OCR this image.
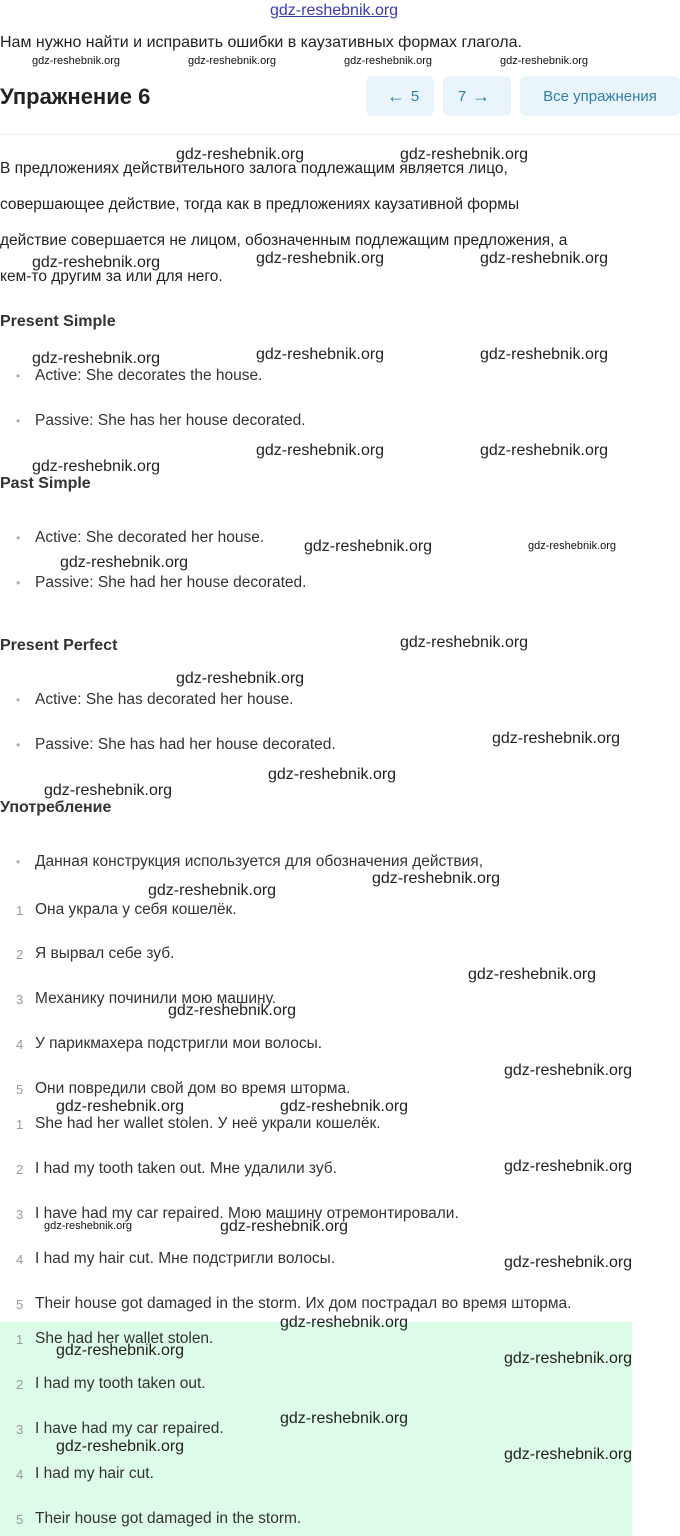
gdz-reshebnik.org
Нам нужно найти и исправить ошибки в каузативных формах глагола.
gdz-reshebnik.org	gdz-reshebnik.org	gdz-reshebnik.org	gdz-reshebnik.org
Упражнение 6	← 5	7 →	Все упражнения
В предложениях действительного залога подлежащим является лицо,
совершающее действие, тогда как в предложениях каузативной формы
действие совершается не лицом, обозначенным подлежащим предложения, а
кем-то другим за или для него.
Present Simple
• Active: She decorates the house.
• Passive: She has her house decorated.
Past Simple
• Active: She decorated her house.
• Passive: She had her house decorated.
Present Perfect
• Active: She has decorated her house.
• Passive: She has had her house decorated.
Употребление
• Данная конструкция используется для обозначения действия,
1 Она украла у себя кошелёк.
2 Я вырвал себе зуб.
3 Механику починили мою машину.
4 У парикмахера подстригли мои волосы.
5 Они повредили свой дом во время шторма.
1 She had her wallet stolen. У неё украли кошелёк.
2 I had my tooth taken out. Мне удалили зуб.
3 I have had my car repaired. Мою машину отремонтировали.
4 I had my hair cut. Мне подстригли волосы.
5 Their house got damaged in the storm. Их дом пострадал во время шторма.
1 She had her wallet stolen.
2 I had my tooth taken out.
3 I have had my car repaired.
4 I had my hair cut.
5 Their house got damaged in the storm.
gdz-reshebnik.org	gdz-reshebnik.org
gdz-reshebnik.org	gdz-reshebnik.org	gdz-reshebnik.org
gdz-reshebnik.org	gdz-reshebnik.org	gdz-reshebnik.org
gdz-reshebnik.org
gdz-reshebnik.org	gdz-reshebnik.org
gdz-reshebnik.org	gdz-reshebnik.org
gdz-reshebnik.org
gdz-reshebnik.org
gdz-reshebnik.org
gdz-reshebnik.org
gdz-reshebnik.org
gdz-reshebnik.org
gdz-reshebnik.org
gdz-reshebnik.org
gdz-reshebnik.org
gdz-reshebnik.org
gdz-reshebnik.org
gdz-reshebnik.org	gdz-reshebnik.org
gdz-reshebnik.org
gdz-reshebnik.org	gdz-reshebnik.org
gdz-reshebnik.org
gdz-reshebnik.org
gdz-reshebnik.org	gdz-reshebnik.org
gdz-reshebnik.org
gdz-reshebnik.org	gdz-reshebnik.org
